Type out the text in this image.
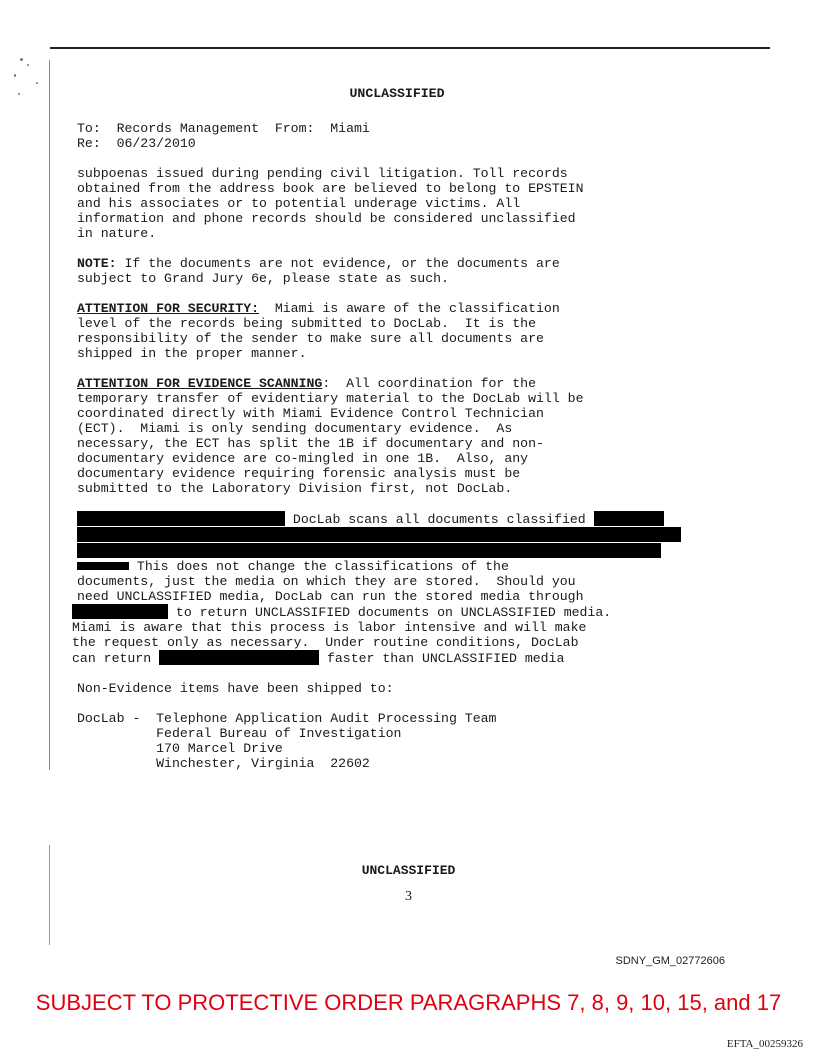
UNCLASSIFIED
To:  Records Management  From:  Miami
Re:  06/23/2010
subpoenas issued during pending civil litigation. Toll records
obtained from the address book are believed to belong to EPSTEIN
and his associates or to potential underage victims. All
information and phone records should be considered unclassified
in nature.
NOTE: If the documents are not evidence, or the documents are
subject to Grand Jury 6e, please state as such.
ATTENTION FOR SECURITY:  Miami is aware of the classification
level of the records being submitted to DocLab.  It is the
responsibility of the sender to make sure all documents are
shipped in the proper manner.
ATTENTION FOR EVIDENCE SCANNING:  All coordination for the
temporary transfer of evidentiary material to the DocLab will be
coordinated directly with Miami Evidence Control Technician
(ECT).  Miami is only sending documentary evidence.  As
necessary, the ECT has split the 1B if documentary and non-
documentary evidence are co-mingled in one 1B.  Also, any
documentary evidence requiring forensic analysis must be
submitted to the Laboratory Division first, not DocLab.
DocLab scans all documents classified
This does not change the classifications of the
documents, just the media on which they are stored.  Should you
need UNCLASSIFIED media, DocLab can run the stored media through
to return UNCLASSIFIED documents on UNCLASSIFIED media.
Miami is aware that this process is labor intensive and will make
the request only as necessary.  Under routine conditions, DocLab
can return	faster than UNCLASSIFIED media
Non-Evidence items have been shipped to:
DocLab -  Telephone Application Audit Processing Team
Federal Bureau of Investigation
170 Marcel Drive
Winchester, Virginia  22602
UNCLASSIFIED
3
SDNY_GM_02772606
SUBJECT TO PROTECTIVE ORDER PARAGRAPHS 7, 8, 9, 10, 15, and 17
EFTA_00259326
